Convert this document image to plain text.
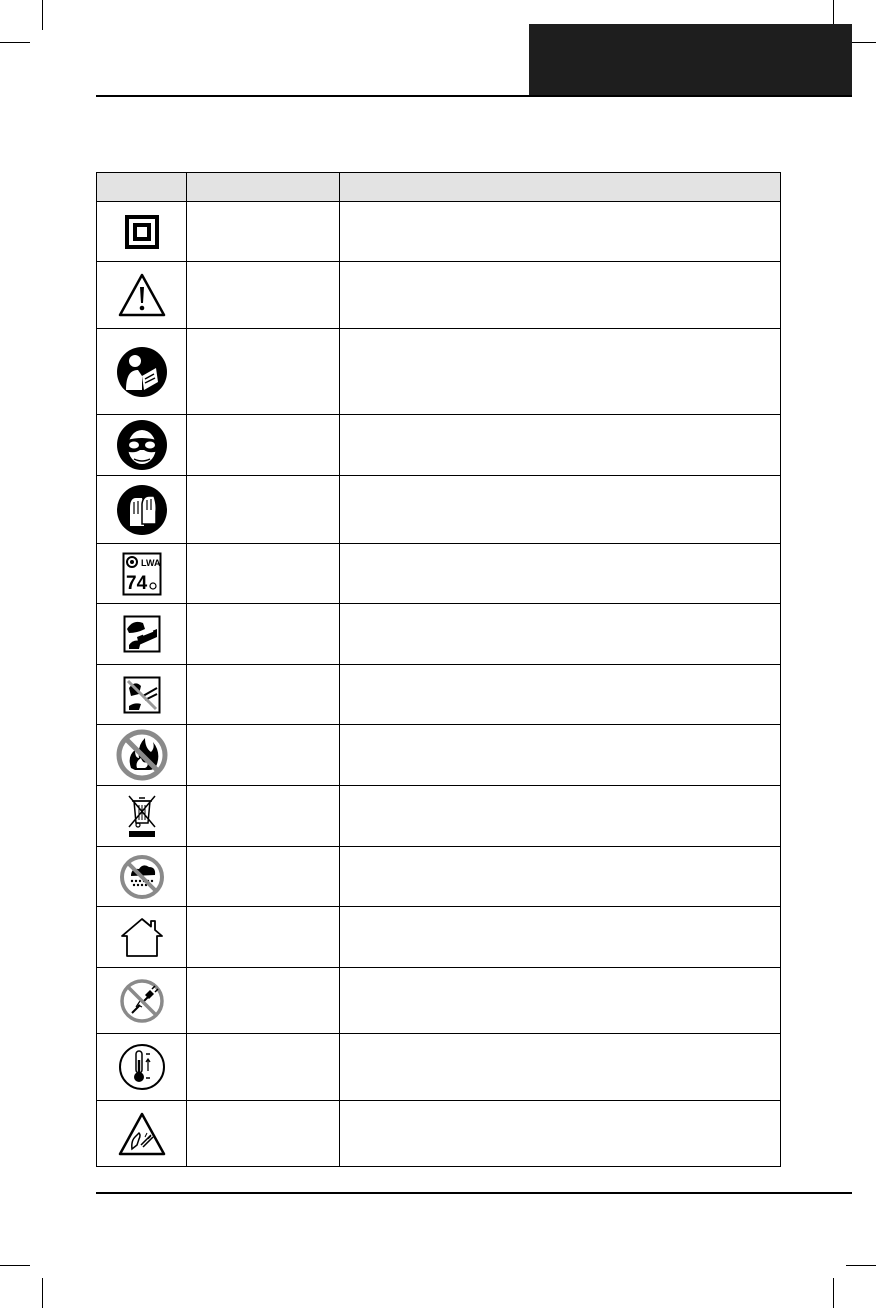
LWA
74		
